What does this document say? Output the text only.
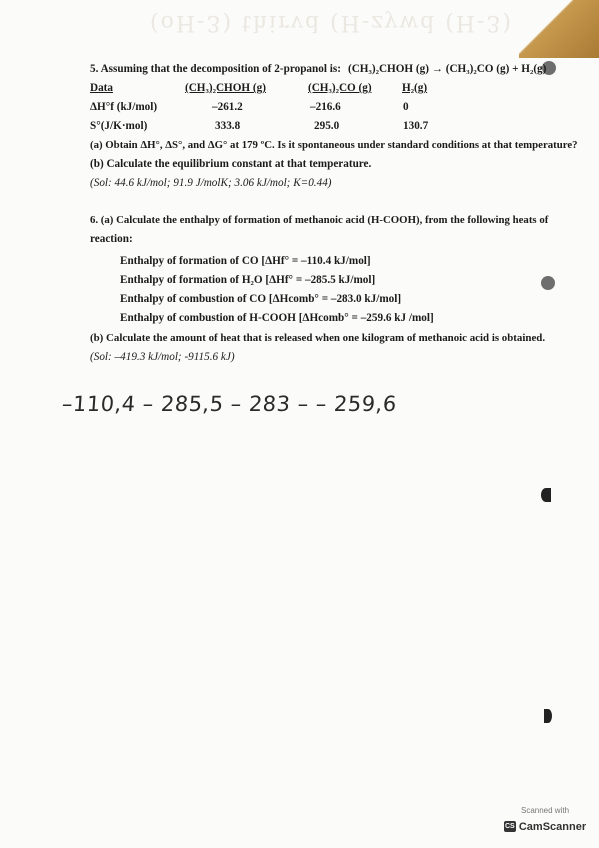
(oH-3) thirvd (H-zywd (H-3)
5. Assuming that the decomposition of 2-propanol is: (CH₃)₂CHOH (g) → (CH₃)₂CO (g) + H₂(g)
Data	(CH₃)₂CHOH (g)	(CH₃)₂CO (g)	H₂(g)
ΔH°f (kJ/mol)	–261.2	–216.6	0
S°(J/K·mol)	333.8	295.0	130.7
(a) Obtain ΔH°, ΔS°, and ΔG° at 179 ºC. Is it spontaneous under standard conditions at that temperature?
(b) Calculate the equilibrium constant at that temperature.
(Sol: 44.6 kJ/mol; 91.9 J/molK; 3.06 kJ/mol; K=0.44)
6. (a) Calculate the enthalpy of formation of methanoic acid (H-COOH), from the following heats of
reaction:
Enthalpy of formation of CO [ΔHf° = –110.4 kJ/mol]
Enthalpy of formation of H₂O [ΔHf° = –285.5 kJ/mol]
Enthalpy of combustion of CO [ΔHcomb° = –283.0 kJ/mol]
Enthalpy of combustion of H-COOH [ΔHcomb° = –259.6 kJ /mol]
(b) Calculate the amount of heat that is released when one kilogram of methanoic acid is obtained.
(Sol: –419.3 kJ/mol; -9115.6 kJ)
–110,4 – 285,5 – 283 – – 259,6
Scanned with
CS CamScanner
